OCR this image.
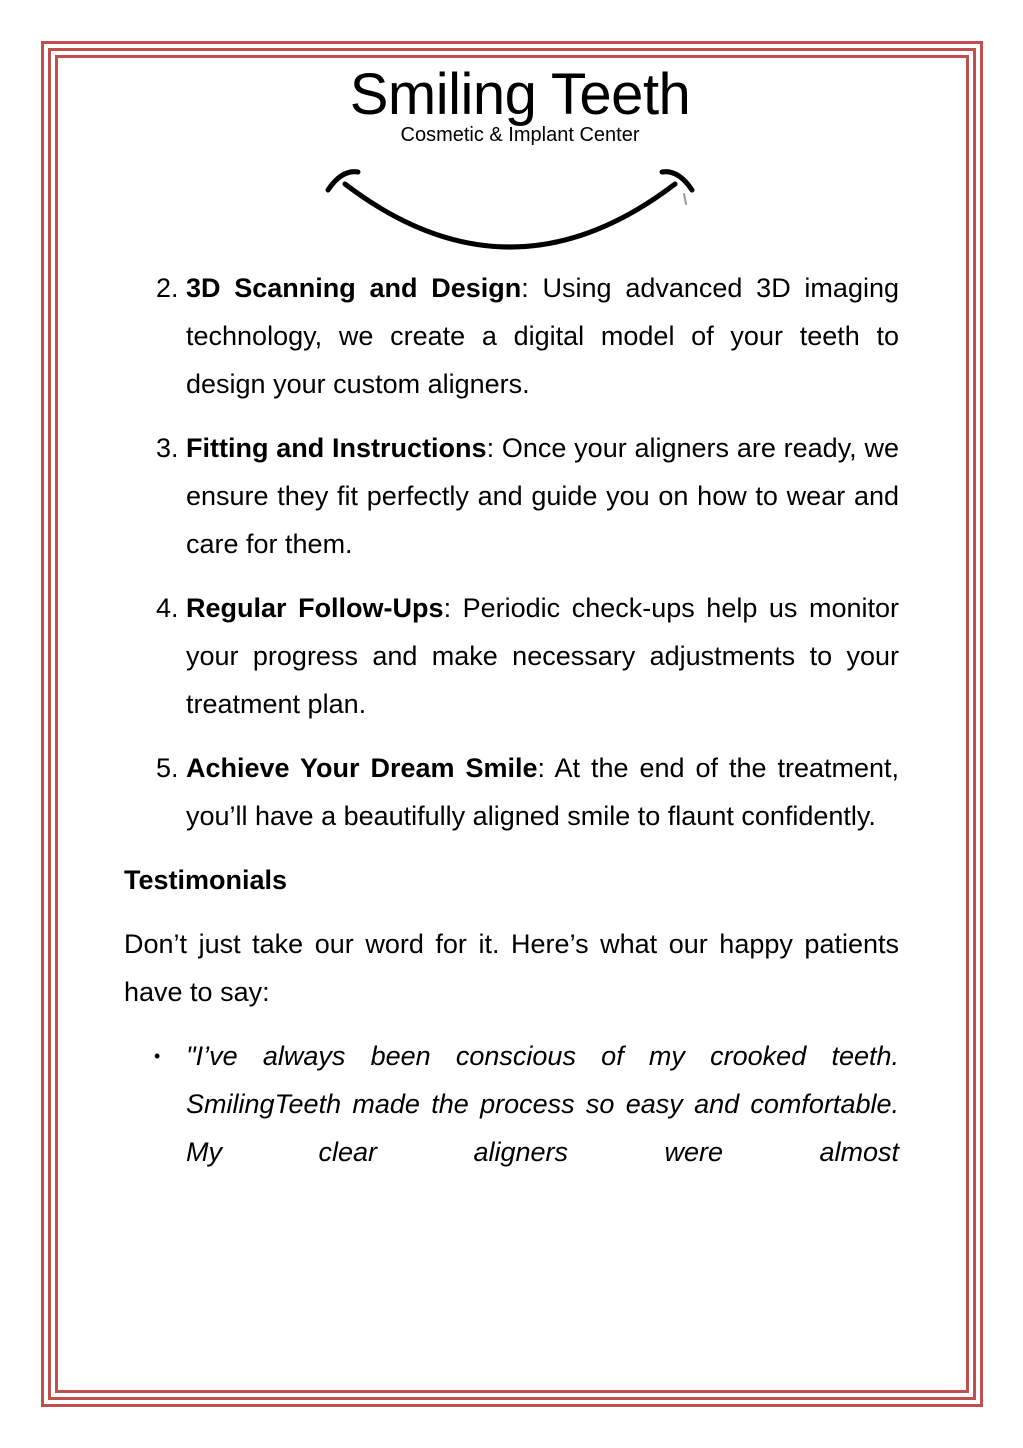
Smiling Teeth
Cosmetic & Implant Center
2. 3D Scanning and Design: Using advanced 3D imaging technology, we create a digital model of your teeth to design your custom aligners.
3. Fitting and Instructions: Once your aligners are ready, we ensure they fit perfectly and guide you on how to wear and care for them.
4. Regular Follow-Ups: Periodic check-ups help us monitor your progress and make necessary adjustments to your treatment plan.
5. Achieve Your Dream Smile: At the end of the treatment, you’ll have a beautifully aligned smile to flaunt confidently.
Testimonials

Don’t just take our word for it. Here’s what our happy patients have to say:

• "I’ve always been conscious of my crooked teeth. SmilingTeeth made the process so easy and comfortable. My clear aligners were almost
